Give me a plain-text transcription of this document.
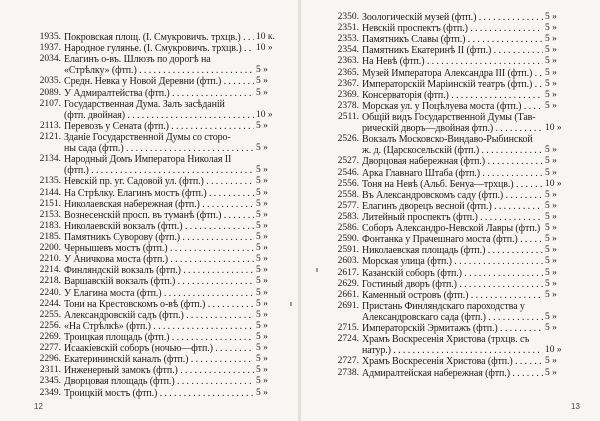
1935. Покровская площ. (I. Смукровичъ. трхцв.) . . .	10 к.
1937. Народное гулянье. (I. Смукровичъ. трхцв.) . . .	10 »
2034. Елагинъ о-въ. Шлюзъ по дорогѣ на
«Стрѣлку» (фтп.) . . .	5 »
2035. Средн. Невка у Новой Деревни (фтп.) . . .	5 »
2089. У Адмиралтейства (фтп.) . . .	5 »
2107. Государственная Дума. Залъ засѣданiй
(фтп. двойная) . . .	10 »
2113. Перевозъ у Сената (фтп.) . . .	5 »
2121. Зданiе Государственной Думы со сторо-
ны сада (фтп.) . . .	5 »
2134. Народный Домъ Императора Николая II
(фтп.) . . .	5 »
2135. Невскiй пр. уг. Садовой ул. (фтп.) . . .	5 »
2144. На Стрѣлку. Елагинъ мостъ (фтп.) . . .	5 »
2151. Николаевская набережная (фтп.) . . .	5 »
2153. Вознесенскiй просп. въ туманѣ (фтп.) . . .	5 »
2183. Николаевскiй вокзалъ (фтп.) . . .	5 »
2185. Памятникъ Суворову (фтп.) . . .	5 »
2200. Чернышевъ мостъ (фтп.) . . .	5 »
2210. У Аничкова моста (фтп.) . . .	5 »
2214. Финляндскiй вокзалъ (фтп.) . . .	5 »
2218. Варшавскiй вокзалъ (фтп.) . . .	5 »
2240. У Елагина моста (фтп.) . . .	5 »
2244. Тони на Крестовскомъ о-вѣ (фтп.) . . .	5 »
2255. Александровскiй садъ (фтп.) . . .	5 »
2256. «На Стрѣлкѣ» (фтп.) . . .	5 »
2269. Троицкая площадь (фтп.) . . .	5 »
2277. Исаакiевскiй соборъ (ночью—фтп.) . . .	5 »
2296. Екатерининскiй каналъ (фтп.) . . .	5 »
2311. Инженерный замокъ (фтп.) . . .	5 »
2345. Дворцовая площадь (фтп.) . . .	5 »
2349. Троицкiй мостъ (фтп.) . . .	5 »
12
2350. Зоологическiй музей (фтп.) . . .	5 »
2351. Невскiй проспектъ (фтп.) . . .	5 »
2353. Памятникъ Славы (фтп.) . . .	5 »
2354. Памятникъ Екатеринѣ II (фтп.) . . .	5 »
2363. На Невѣ (фтп.) . . .	5 »
2365. Музей Императора Александра III (фтп.) . . .	5 »
2367. Императорскiй Марiинскiй театръ (фтп.) . . .	5 »
2369. Консерваторiя (фтп.) . . .	5 »
2378. Морская ул. у Поцѣлуева моста (фтп.) . . .	5 »
2511. Общiй видъ Государственной Думы (Тав-
рическiй дворъ—двойная фтп.) . . .	10 »
2526. Вокзалъ Московско-Виндаво-Рыбинской
ж. д. (Царскосельскiй (фтп.) . . .	5 »
2527. Дворцовая набережная (фтп.) . . .	5 »
2546. Арка Главнаго Штаба (фтп.) . . .	5 »
2556. Тоня на Невѣ (Альб. Бенуа—трхцв.) . . .	10 »
2558. Въ Александровскомъ саду (фтп.) . . .	5 »
2577. Елагинъ дворецъ весной (фтп.) . . .	5 »
2583. Литейный проспектъ (фтп.) . . .	5 »
2586. Соборъ Александро-Невской Лавры (фтп.) . . . 5 »
2590. Фонтанка у Прачешнаго моста (фтп.) . . .	5 »
2591. Николаевская площадь (фтп.) . . .	5 »
2603. Морская улица (фтп.) . . .	5 »
2617. Казанскiй соборъ (фтп.) . . .	5 »
2629. Гостиный дворъ (фтп.) . . .	5 »
2661. Каменный островъ (фтп.) . . .	5 »
2691. Пристань Финляндскаго пароходства у
Александровскаго сада (фтп.) . . .	5 »
2715. Императорскiй Эрмитажъ (фтп.) . . .	5 »
2724. Храмъ Воскресенiя Христова (трхцв. съ
натур.) . . .	10 »
2727. Храмъ Воскресенiя Христова (фтп.) . . .	5 »
2738. Адмиралтейская набережная (фтп.) . . .	5 »
13
